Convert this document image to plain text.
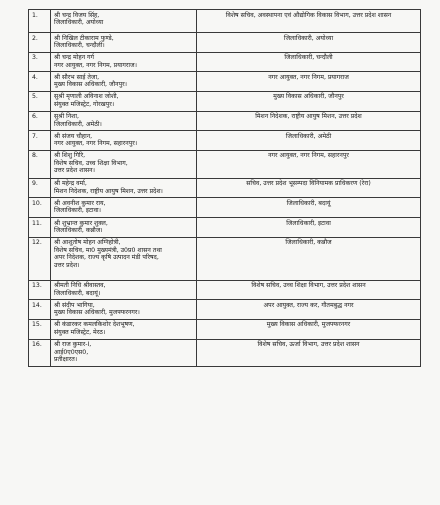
1.	श्री चन्द्र विजय सिंह,
जिलाधिकारी, अयोध्या	विशेष सचिव, अवस्थापना एवं औद्योगिक विकास विभाग, उत्तर प्रदेश शासन
2.	श्री निखिल टीकाराम फुण्डे,
जिलाधिकारी, चन्दौली।	जिलाधिकारी, अयोध्या
3.	श्री चन्द्र मोहन गर्ग
नगर आयुक्त, नगर निगम, प्रयागराज।	जिलाधिकारी, चन्दौली
4.	श्री सौरभ साई तेजा,
मुख्य विकास अधिकारी, जौनपुर।	नगर आयुक्त, नगर निगम, प्रयागराज
5.	सुश्री मृणाली अविनाश जोशी,
संयुक्त मजिस्ट्रेट, गोरखपुर।	मुख्य विकास अधिकारी, जौनपुर
6.	सुश्री निशा,
जिलाधिकारी, अमेठी।	मिशन निदेशक, राष्ट्रीय आयुष मिशन, उत्तर प्रदेश
7.	श्री संजय चौहान,
नगर आयुक्त, नगर निगम, सहारनपुर।	जिलाधिकारी, अमेठी
8.	श्री शिशु गिरि,
विशेष सचिव, उच्च शिक्षा विभाग,
उत्तर प्रदेश शासन।	नगर आयुक्त, नगर निगम, सहारनपुर
9.	श्री महेन्द्र वर्मा,
मिशन निदेशक, राष्ट्रीय आयुष मिशन, उत्तर प्रदेश।	सचिव, उत्तर प्रदेश भूसम्पदा विनियामक प्राधिकरण (रेरा)
10.	श्री अवनीश कुमार राय,
जिलाधिकारी, इटावा।	जिलाधिकारी, बदायूं
11.	श्री शुभ्रान्त कुमार शुक्ल,
जिलाधिकारी, कन्नौज।	जिलाधिकारी, इटावा
12.	श्री आशुतोष मोहन अग्निहोत्री,
विशेष सचिव, मा0 मुख्यमंत्री, उ0प्र0 शासन तथा
अपर निदेशक, राज्य कृषि उत्पादन मंडी परिषद,
उत्तर प्रदेश।	जिलाधिकारी, कन्नौज
13.	श्रीमती निधि श्रीवास्तव,
जिलाधिकारी, बदायूं।	विशेष सचिव, उच्च शिक्षा विभाग, उत्तर प्रदेश शासन
14.	श्री संदीप भागिया,
मुख्य विकास अधिकारी, मुजफ्फरनगर।	अपर आयुक्त, राज्य कर, गौतमबुद्ध नगर
15.	श्री कंडारकर कमलकिशोर देशभूषण,
संयुक्त मजिस्ट्रेट, मेरठ।	मुख्य विकास अधिकारी, मुजफ्फरनगर
16.	श्री राज कुमार-I,
आई0ए0एस0,
प्रतीक्षारत।	विशेष सचिव, ऊर्जा विभाग, उत्तर प्रदेश शासन
